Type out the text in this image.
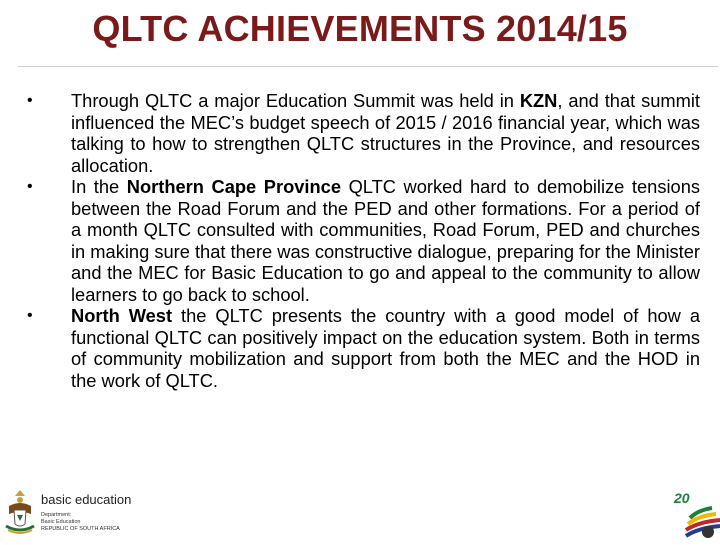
QLTC ACHIEVEMENTS 2014/15
• Through QLTC a major Education Summit was held in KZN, and that summit influenced the MEC’s budget speech of 2015 / 2016 financial year, which was talking to how to strengthen QLTC structures in the Province, and resources allocation.
• In the Northern Cape Province QLTC worked hard to demobilize tensions between the Road Forum and the PED and other formations. For a period of a month QLTC consulted with communities, Road Forum, PED and churches in making sure that there was constructive dialogue, preparing for the Minister and the MEC for Basic Education to go and appeal to the community to allow learners to go back to school.
• North West the QLTC presents the country with a good model of how a functional QLTC can positively impact on the education system. Both in terms of community mobilization and support from both the MEC and the HOD in the work of QLTC.
basic education
Department:
Basic Education
REPUBLIC OF SOUTH AFRICA
20
